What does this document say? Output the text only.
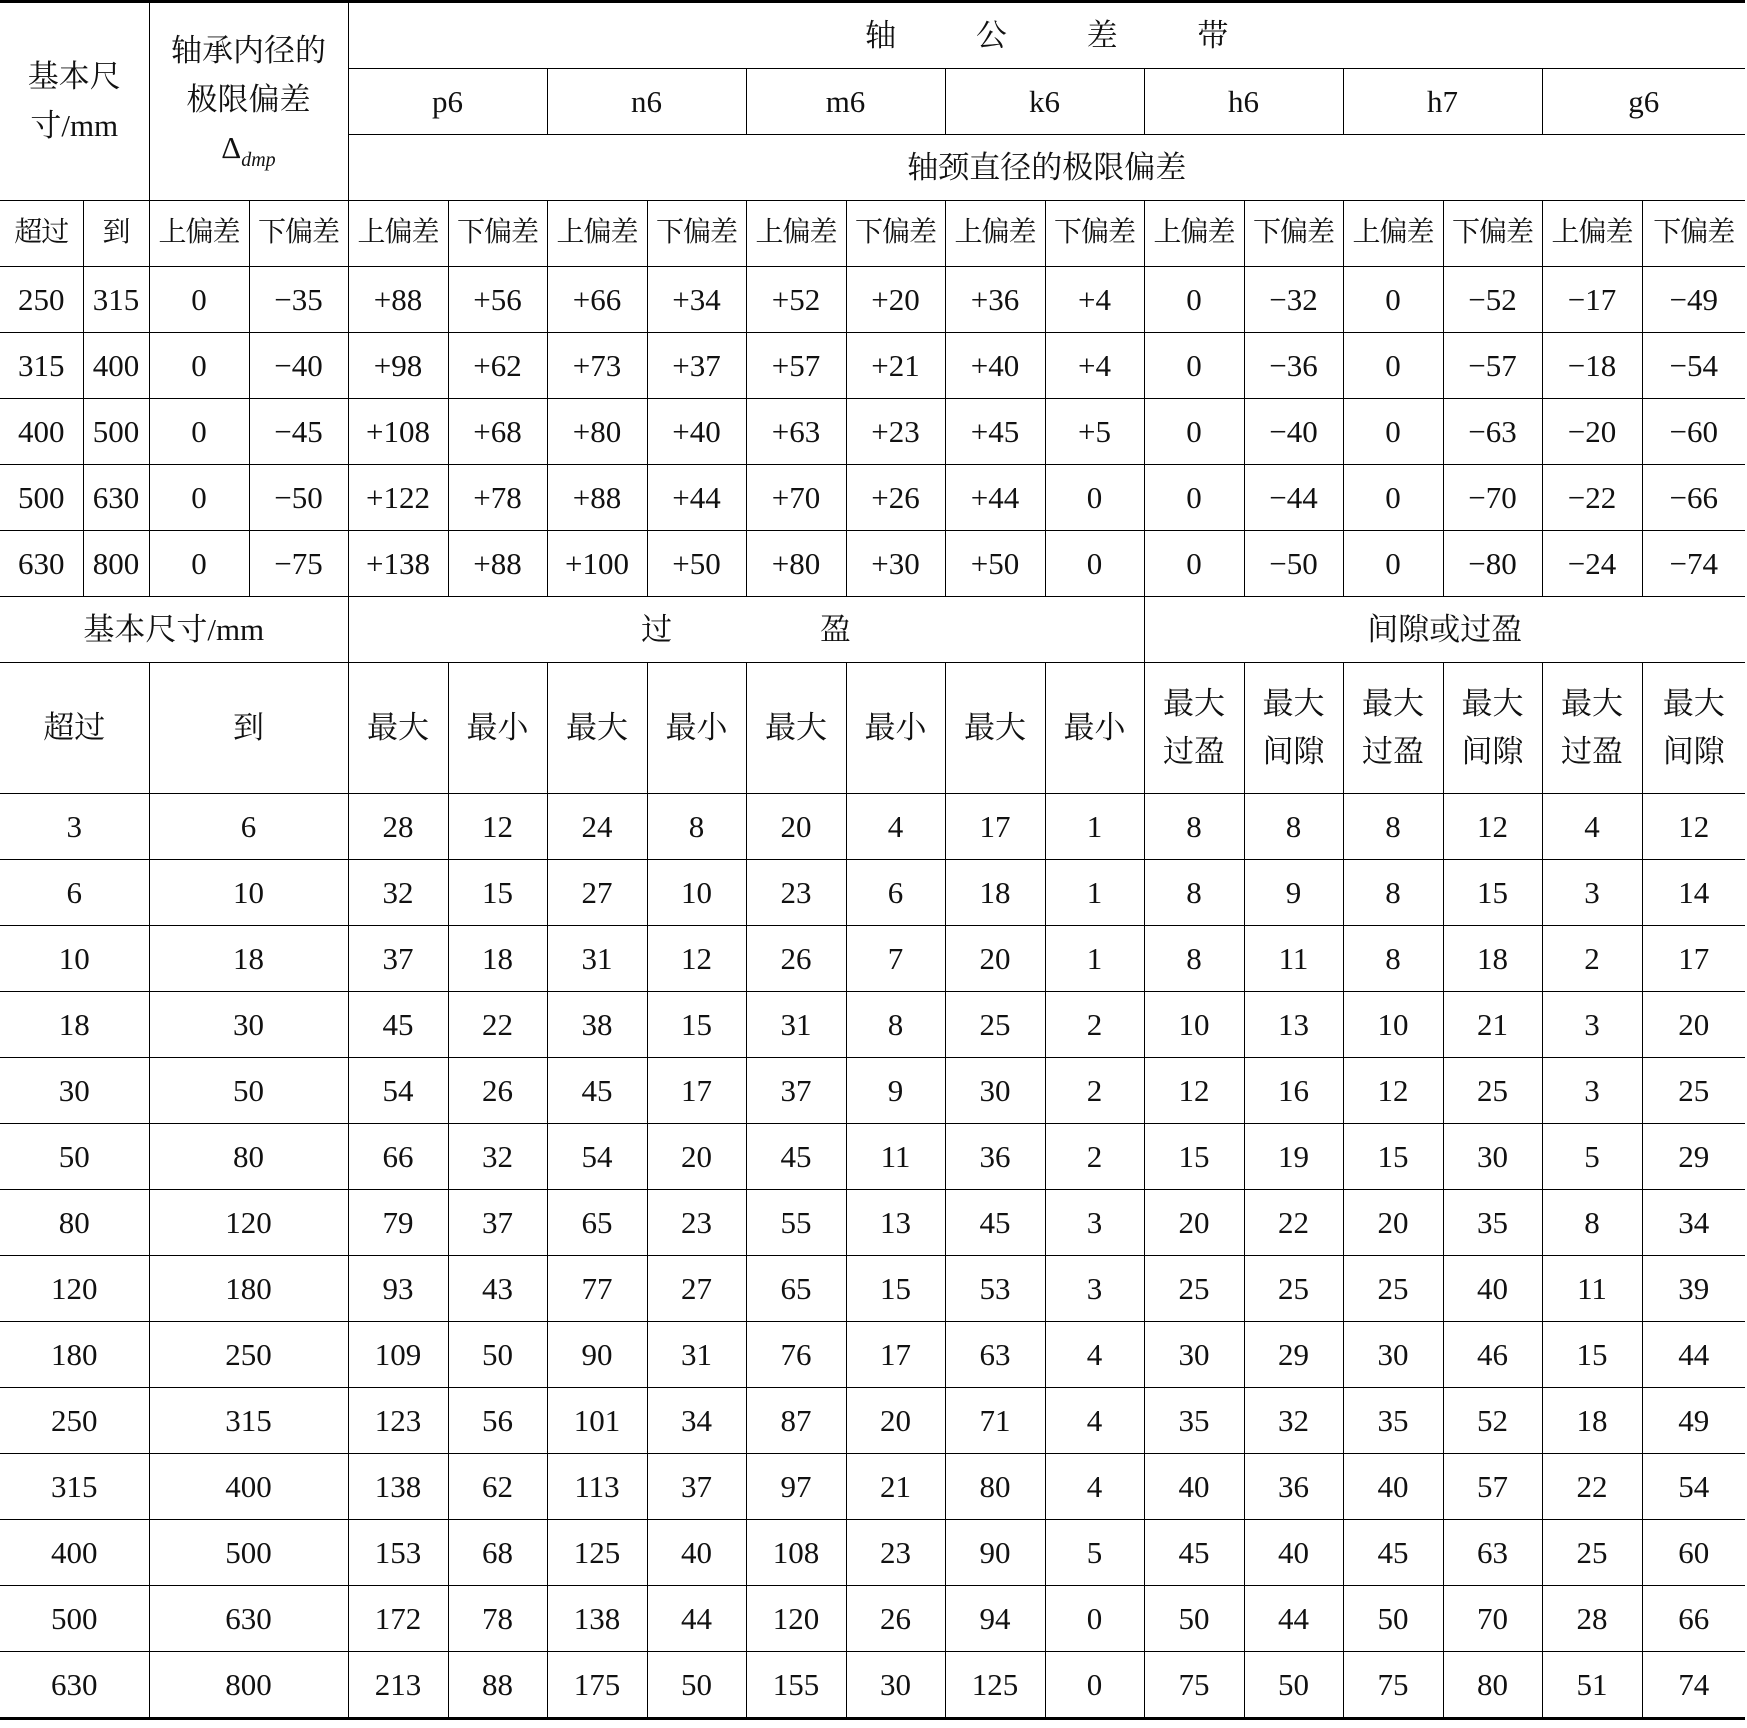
基本尺寸/mm		轴承内径的
极限偏差
$\Delta_{dmp}$		轴 公 差 带													
				p6		n6		m6		k6		h6		h7		g6	
				轴颈直径的极限偏差													
超过	到	上偏差	下偏差	上偏差	下偏差	上偏差	下偏差	上偏差	下偏差	上偏差	下偏差	上偏差	下偏差	上偏差	下偏差	上偏差	下偏差
250	315	0	−35	+88	+56	+66	+34	+52	+20	+36	+4	0	−32	0	−52	−17	−49
315	400	0	−40	+98	+62	+73	+37	+57	+21	+40	+4	0	−36	0	−57	−18	−54
400	500	0	−45	+108	+68	+80	+40	+63	+23	+45	+5	0	−40	0	−63	−20	−60
500	630	0	−50	+122	+78	+88	+44	+70	+26	+44	0	0	−44	0	−70	−22	−66
630	800	0	−75	+138	+88	+100	+50	+80	+30	+50	0	0	−50	0	−80	−24	−74
基本尺寸/mm				过 盈								间隙或过盈					
超过		到		最大	最小	最大	最小	最大	最小	最大	最小	最大过盈	最大间隙	最大过盈	最大间隙	最大过盈	最大间隙
3		6		28	12	24	8	20	4	17	1	8	8	8	12	4	12
6		10		32	15	27	10	23	6	18	1	8	9	8	15	3	14
10		18		37	18	31	12	26	7	20	1	8	11	8	18	2	17
18		30		45	22	38	15	31	8	25	2	10	13	10	21	3	20
30		50		54	26	45	17	37	9	30	2	12	16	12	25	3	25
50		80		66	32	54	20	45	11	36	2	15	19	15	30	5	29
80		120		79	37	65	23	55	13	45	3	20	22	20	35	8	34
120		180		93	43	77	27	65	15	53	3	25	25	25	40	11	39
180		250		109	50	90	31	76	17	63	4	30	29	30	46	15	44
250		315		123	56	101	34	87	20	71	4	35	32	35	52	18	49
315		400		138	62	113	37	97	21	80	4	40	36	40	57	22	54
400		500		153	68	125	40	108	23	90	5	45	40	45	63	25	60
500		630		172	78	138	44	120	26	94	0	50	44	50	70	28	66
630		800		213	88	175	50	155	30	125	0	75	50	75	80	51	74
